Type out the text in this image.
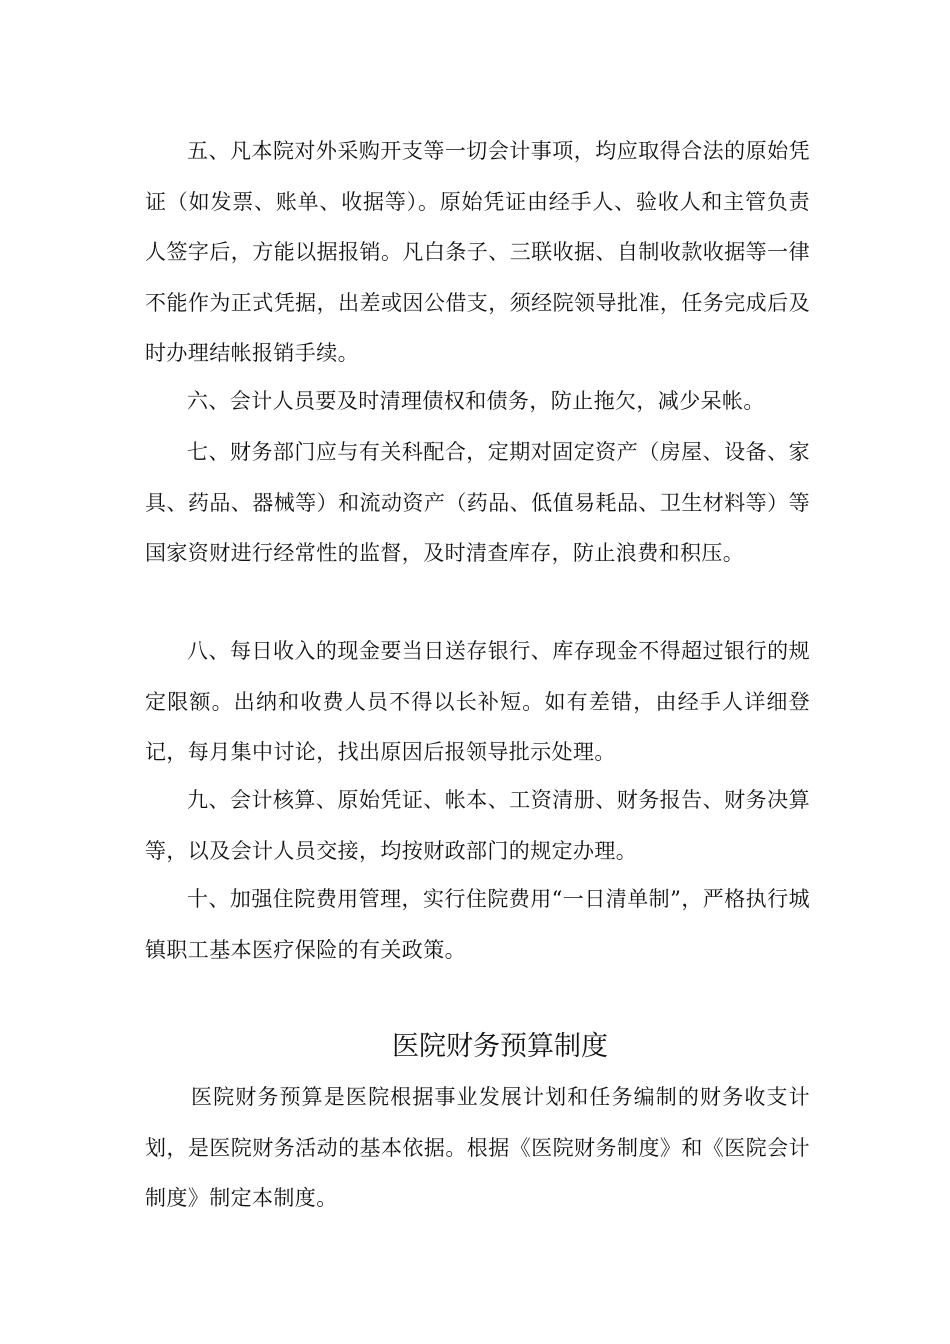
五、凡本院对外采购开支等一切会计事项，均应取得合法的原始凭证（如发票、账单、收据等）。原始凭证由经手人、验收人和主管负责人签字后，方能以据报销。凡白条子、三联收据、自制收款收据等一律不能作为正式凭据，出差或因公借支，须经院领导批准，任务完成后及时办理结帐报销手续。

六、会计人员要及时清理债权和债务，防止拖欠，减少呆帐。

七、财务部门应与有关科配合，定期对固定资产（房屋、设备、家具、药品、器械等）和流动资产（药品、低值易耗品、卫生材料等）等国家资财进行经常性的监督，及时清查库存，防止浪费和积压。

八、每日收入的现金要当日送存银行、库存现金不得超过银行的规定限额。出纳和收费人员不得以长补短。如有差错，由经手人详细登记，每月集中讨论，找出原因后报领导批示处理。

九、会计核算、原始凭证、帐本、工资清册、财务报告、财务决算等，以及会计人员交接，均按财政部门的规定办理。

十、加强住院费用管理，实行住院费用“一日清单制”，严格执行城镇职工基本医疗保险的有关政策。

医院财务预算制度

医院财务预算是医院根据事业发展计划和任务编制的财务收支计划，是医院财务活动的基本依据。根据《医院财务制度》和《医院会计制度》制定本制度。
